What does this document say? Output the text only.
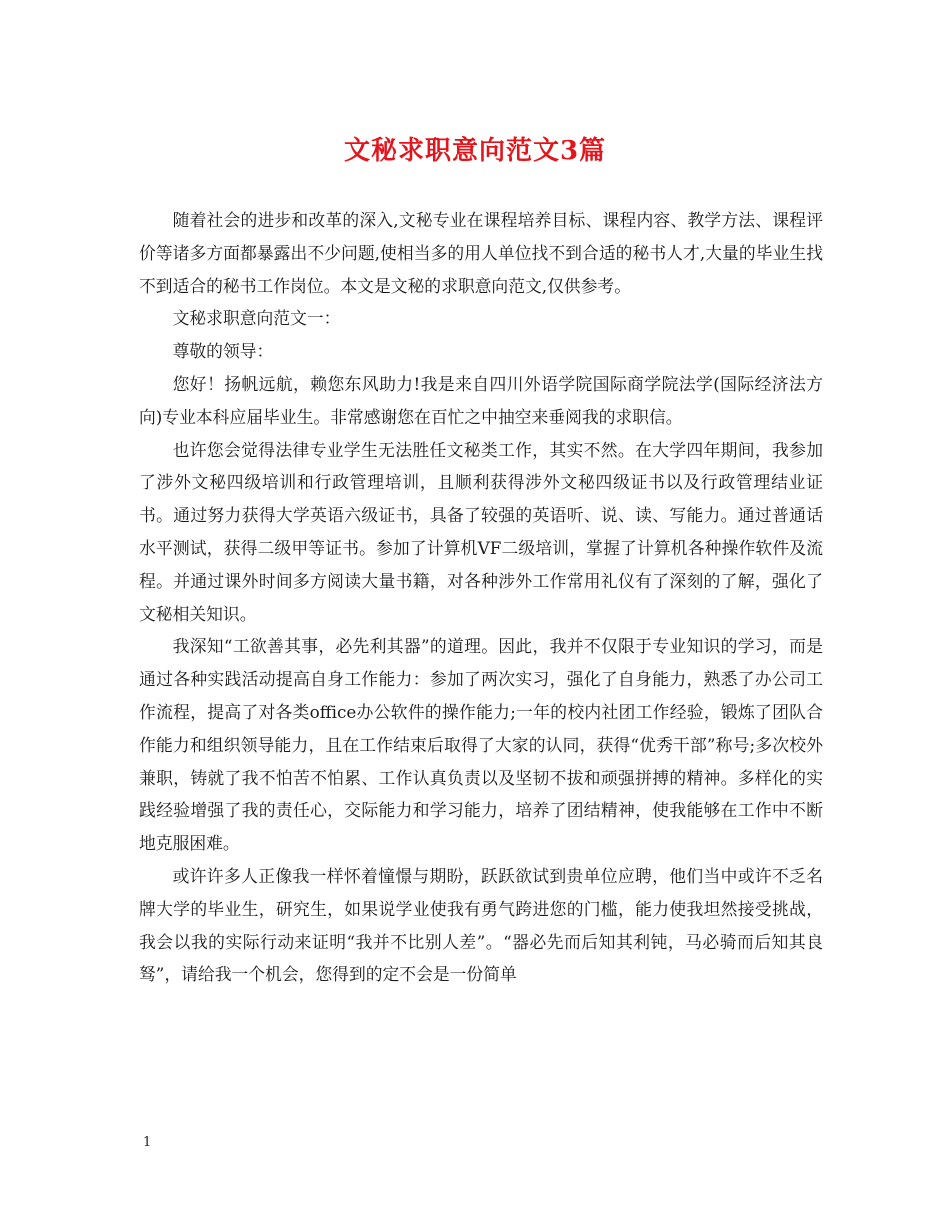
文秘求职意向范文3篇

随着社会的进步和改革的深入,文秘专业在课程培养目标、课程内容、教学方法、课程评价等诸多方面都暴露出不少问题,使相当多的用人单位找不到合适的秘书人才,大量的毕业生找不到适合的秘书工作岗位。本文是文秘的求职意向范文,仅供参考。

文秘求职意向范文一：

尊敬的领导：

您好！扬帆远航，赖您东风助力!我是来自四川外语学院国际商学院法学(国际经济法方向)专业本科应届毕业生。非常感谢您在百忙之中抽空来垂阅我的求职信。

也许您会觉得法律专业学生无法胜任文秘类工作，其实不然。在大学四年期间，我参加了涉外文秘四级培训和行政管理培训，且顺利获得涉外文秘四级证书以及行政管理结业证书。通过努力获得大学英语六级证书，具备了较强的英语听、说、读、写能力。通过普通话水平测试，获得二级甲等证书。参加了计算机VF二级培训，掌握了计算机各种操作软件及流程。并通过课外时间多方阅读大量书籍，对各种涉外工作常用礼仪有了深刻的了解，强化了文秘相关知识。

我深知“工欲善其事，必先利其器”的道理。因此，我并不仅限于专业知识的学习，而是通过各种实践活动提高自身工作能力：参加了两次实习，强化了自身能力，熟悉了办公司工作流程，提高了对各类office办公软件的操作能力;一年的校内社团工作经验，锻炼了团队合作能力和组织领导能力，且在工作结束后取得了大家的认同，获得“优秀干部”称号;多次校外兼职，铸就了我不怕苦不怕累、工作认真负责以及坚韧不拔和顽强拼搏的精神。多样化的实践经验增强了我的责任心，交际能力和学习能力，培养了团结精神，使我能够在工作中不断地克服困难。

或许许多人正像我一样怀着憧憬与期盼，跃跃欲试到贵单位应聘，他们当中或许不乏名牌大学的毕业生，研究生，如果说学业使我有勇气跨进您的门槛，能力使我坦然接受挑战，我会以我的实际行动来证明“我并不比别人差”。“器必先而后知其利钝，马必骑而后知其良驽”，请给我一个机会，您得到的定不会是一份简单

1
